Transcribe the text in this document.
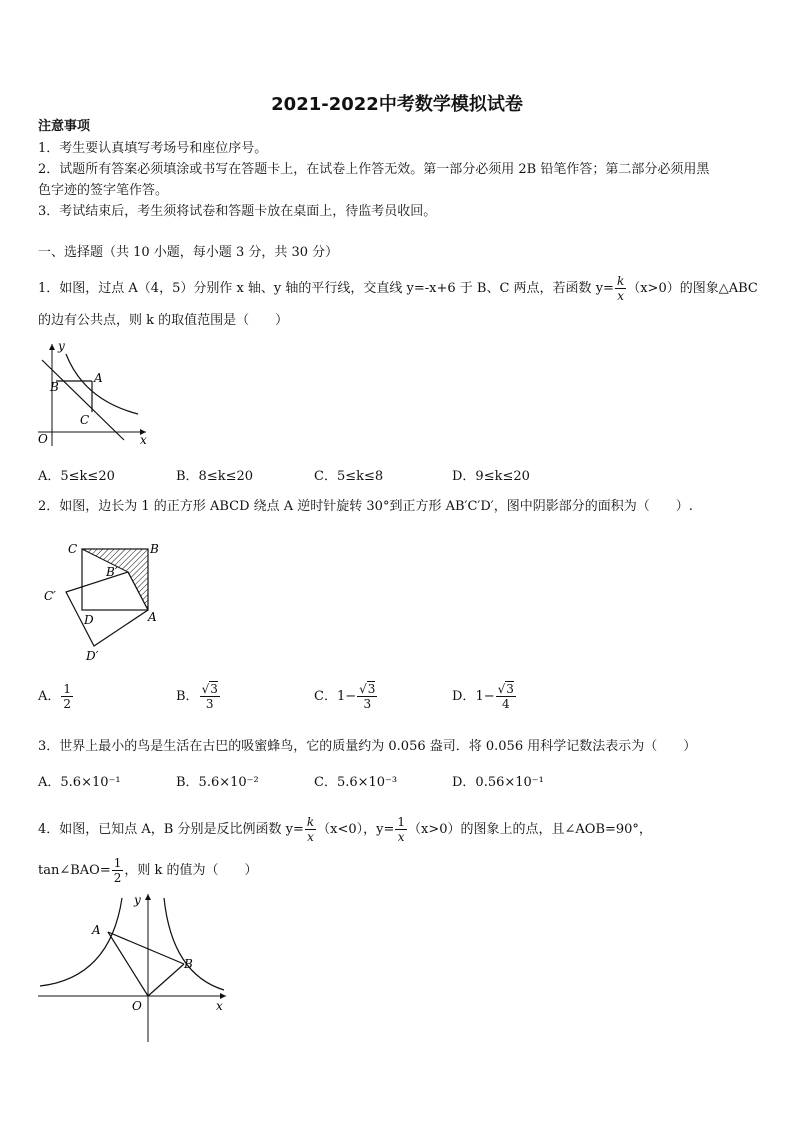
2021-2022中考数学模拟试卷
注意事项
1．考生要认真填写考场号和座位序号。
2．试题所有答案必须填涂或书写在答题卡上，在试卷上作答无效。第一部分必须用 2B 铅笔作答；第二部分必须用黑
色字迹的签字笔作答。
3．考试结束后，考生须将试卷和答题卡放在桌面上，待监考员收回。
一、选择题（共 10 小题，每小题 3 分，共 30 分）
1．如图，过点 A（4，5）分别作 x 轴、y 轴的平行线，交直线 y=-x+6 于 B、C 两点，若函数 $y= \frac{k}{x} (x>0)$的图象△ABC
的边有公共点，则 k 的取值范围是（　　）
y
x
O
A
B
C
A．5≤k≤20	B．8≤k≤20	C．5≤k≤8	D．9≤k≤20
2．如图，边长为 1 的正方形 ABCD 绕点 A 逆时针旋转 30°到正方形 AB′C′D′，图中阴影部分的面积为（　　）.
C	B
B′
C′
D	A
D′
A． $\frac{1}{2}$	B． $\frac{√3}{3}$	C．$1- \frac{√3}{3}$	D．$1- \frac{√3}{4}$
3．世界上最小的鸟是生活在古巴的吸蜜蜂鸟，它的质量约为 0.056 盎司．将 0.056 用科学记数法表示为（　　）
A．5.6×10⁻¹	B．5.6×10⁻²	C．5.6×10⁻³	D．0.56×10⁻¹
4．如图，已知点 A，B 分别是反比例函数 $y= \frac{k}{x} (x<0)$，$y= \frac{1}{x} (x>0)$的图象上的点，且∠AOB=90°，
tan∠BAO= $\frac{1}{2}$ ，则 k 的值为（　　）
y
x
O
A
B
